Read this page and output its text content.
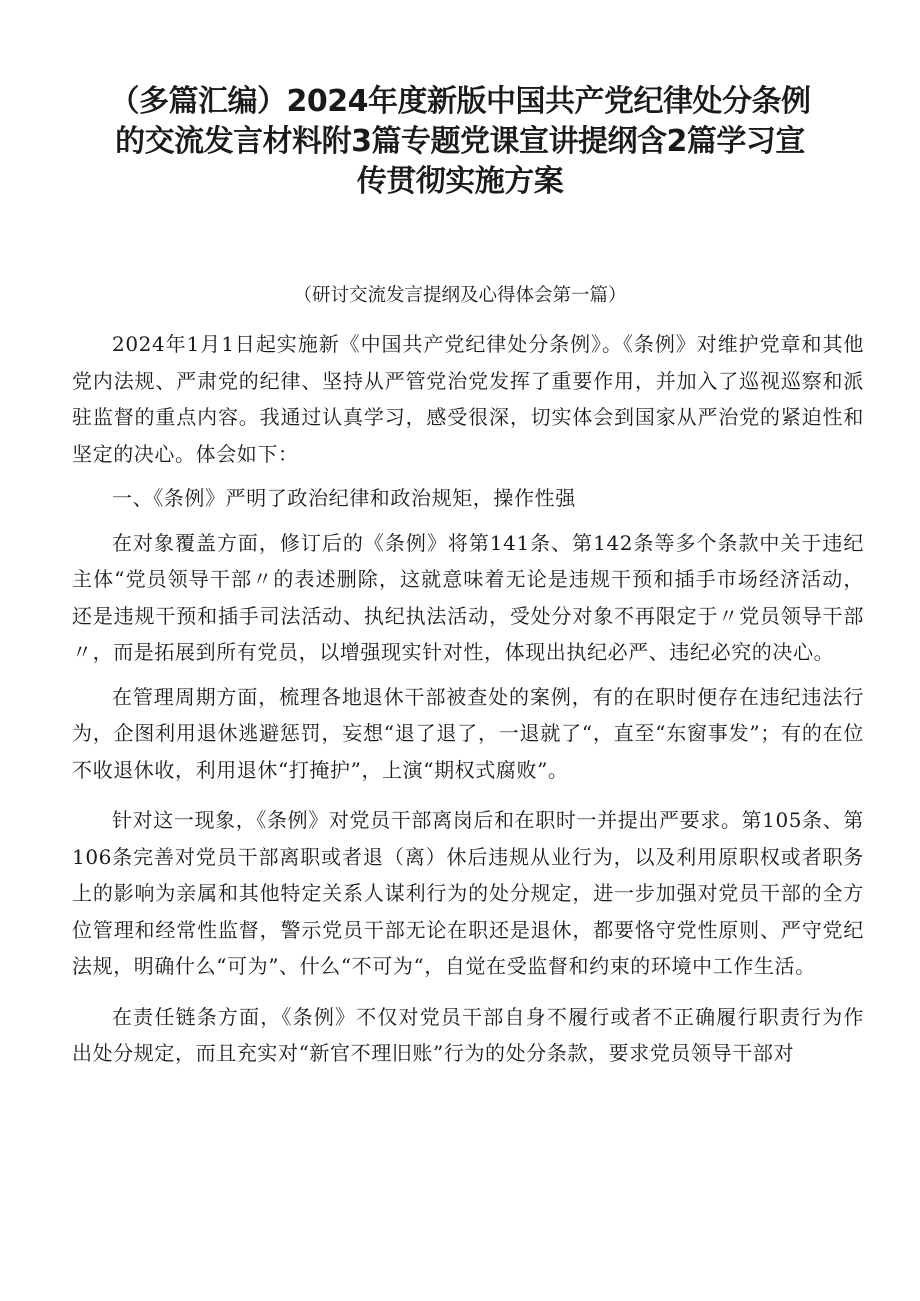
（多篇汇编）2024年度新版中国共产党纪律处分条例
的交流发言材料附3篇专题党课宣讲提纲含2篇学习宣
传贯彻实施方案
（研讨交流发言提纲及心得体会第一篇）

2024年1月1日起实施新《中国共产党纪律处分条例》。《条例》对维护党章和其他党内法规、严肃党的纪律、坚持从严管党治党发挥了重要作用，并加入了巡视巡察和派驻监督的重点内容。我通过认真学习，感受很深，切实体会到国家从严治党的紧迫性和坚定的决心。体会如下：

一、《条例》严明了政治纪律和政治规矩，操作性强

在对象覆盖方面，修订后的《条例》将第141条、第142条等多个条款中关于违纪主体“党员领导干部〃的表述删除，这就意味着无论是违规干预和插手市场经济活动，还是违规干预和插手司法活动、执纪执法活动，受处分对象不再限定于〃党员领导干部〃，而是拓展到所有党员，以增强现实针对性，体现出执纪必严、违纪必究的决心。

在管理周期方面，梳理各地退休干部被查处的案例，有的在职时便存在违纪违法行为，企图利用退休逃避惩罚，妄想“退了退了，一退就了“，直至“东窗事发”；有的在位不收退休收，利用退休“打掩护”，上演“期权式腐败”。

针对这一现象，《条例》对党员干部离岗后和在职时一并提出严要求。第105条、第106条完善对党员干部离职或者退（离）休后违规从业行为，以及利用原职权或者职务上的影响为亲属和其他特定关系人谋利行为的处分规定，进一步加强对党员干部的全方位管理和经常性监督，警示党员干部无论在职还是退休，都要恪守党性原则、严守党纪法规，明确什么“可为”、什么“不可为“，自觉在受监督和约束的环境中工作生活。

在责任链条方面，《条例》不仅对党员干部自身不履行或者不正确履行职责行为作出处分规定，而且充实对“新官不理旧账”行为的处分条款，要求党员领导干部对
